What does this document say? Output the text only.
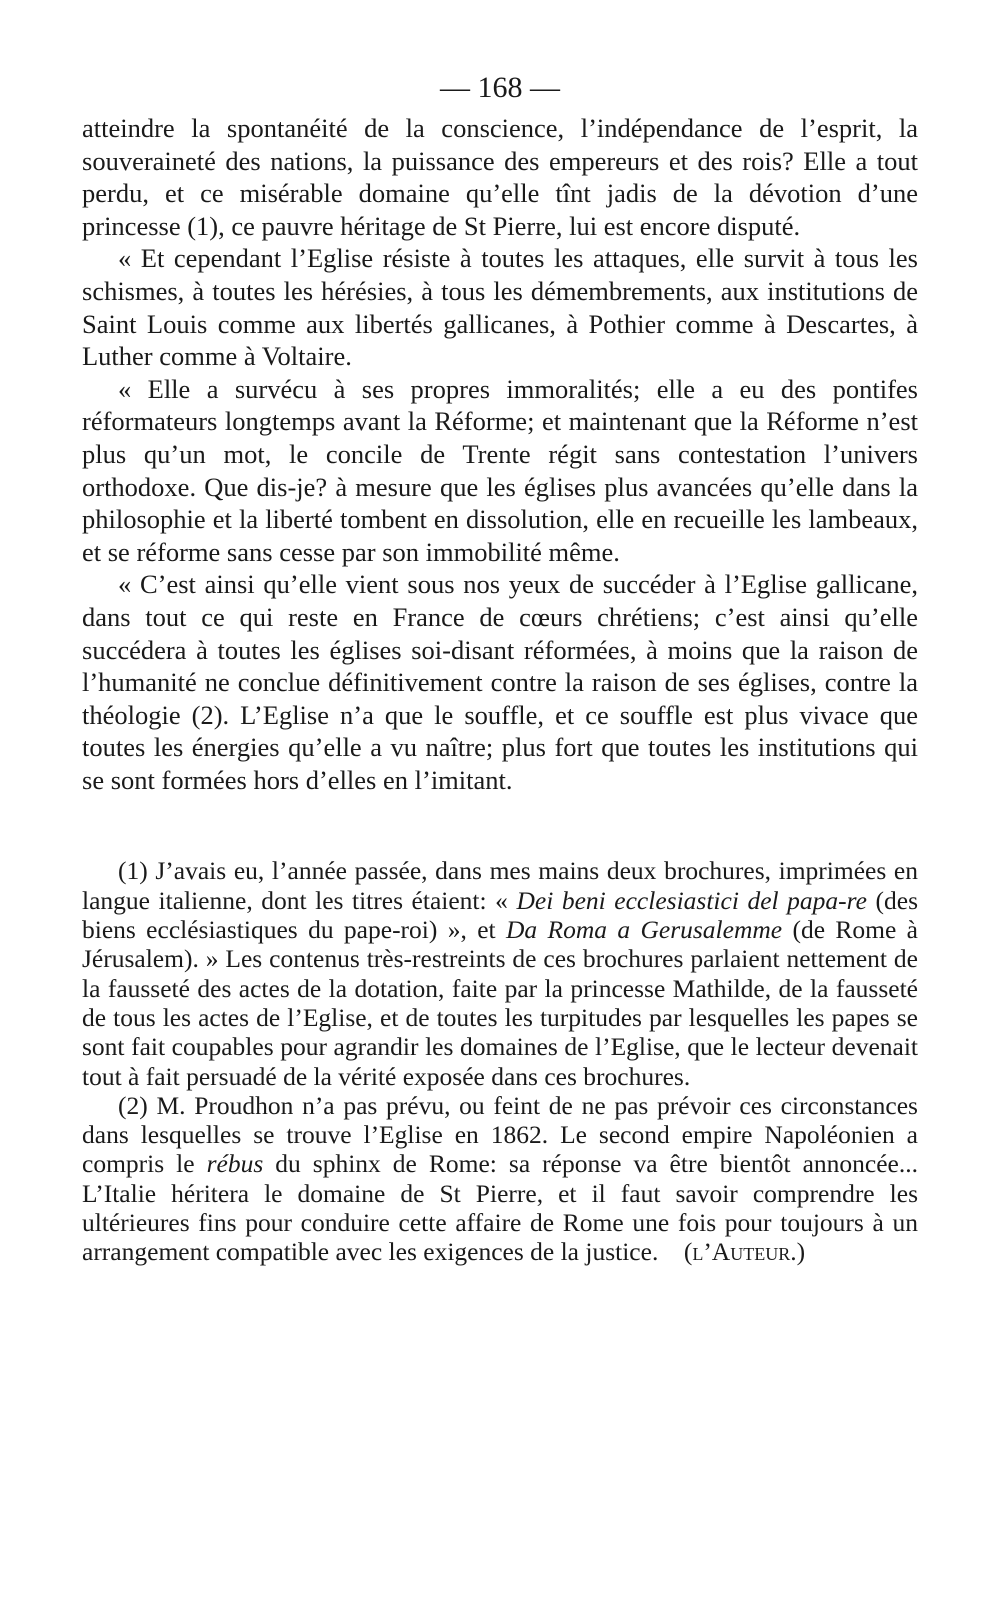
— 168 —

atteindre la spontanéité de la conscience, l’indépendance de l’esprit, la souveraineté des nations, la puissance des empereurs et des rois? Elle a tout perdu, et ce misérable domaine qu’elle tînt jadis de la dévotion d’une princesse (1), ce pauvre héritage de St Pierre, lui est encore disputé.

« Et cependant l’Eglise résiste à toutes les attaques, elle survit à tous les schismes, à toutes les hérésies, à tous les démembrements, aux institutions de Saint Louis comme aux libertés gallicanes, à Pothier comme à Descartes, à Luther comme à Voltaire.

« Elle a survécu à ses propres immoralités; elle a eu des pontifes réformateurs longtemps avant la Réforme; et maintenant que la Réforme n’est plus qu’un mot, le concile de Trente régit sans contestation l’univers orthodoxe. Que dis-je? à mesure que les églises plus avancées qu’elle dans la philosophie et la liberté tombent en dissolution, elle en recueille les lambeaux, et se réforme sans cesse par son immobilité même.

« C’est ainsi qu’elle vient sous nos yeux de succéder à l’Eglise gallicane, dans tout ce qui reste en France de cœurs chrétiens; c’est ainsi qu’elle succédera à toutes les églises soi-disant réformées, à moins que la raison de l’humanité ne conclue définitivement contre la raison de ses églises, contre la théologie (2). L’Eglise n’a que le souffle, et ce souffle est plus vivace que toutes les énergies qu’elle a vu naître; plus fort que toutes les institutions qui se sont formées hors d’elles en l’imitant.

(1) J’avais eu, l’année passée, dans mes mains deux brochures, imprimées en langue italienne, dont les titres étaient: « Dei beni ecclesiastici del papa-re (des biens ecclésiastiques du pape-roi) », et Da Roma a Gerusalemme (de Rome à Jérusalem). » Les contenus très-restreints de ces brochures parlaient nettement de la fausseté des actes de la dotation, faite par la princesse Mathilde, de la fausseté de tous les actes de l’Eglise, et de toutes les turpitudes par lesquelles les papes se sont fait coupables pour agrandir les domaines de l’Eglise, que le lecteur devenait tout à fait persuadé de la vérité exposée dans ces brochures.

(2) M. Proudhon n’a pas prévu, ou feint de ne pas prévoir ces circonstances dans lesquelles se trouve l’Eglise en 1862. Le second empire Napoléonien a compris le rébus du sphinx de Rome: sa réponse va être bientôt annoncée... L’Italie héritera le domaine de St Pierre, et il faut savoir comprendre les ultérieures fins pour conduire cette affaire de Rome une fois pour toujours à un arrangement compatible avec les exigences de la justice. (l’Auteur.)
